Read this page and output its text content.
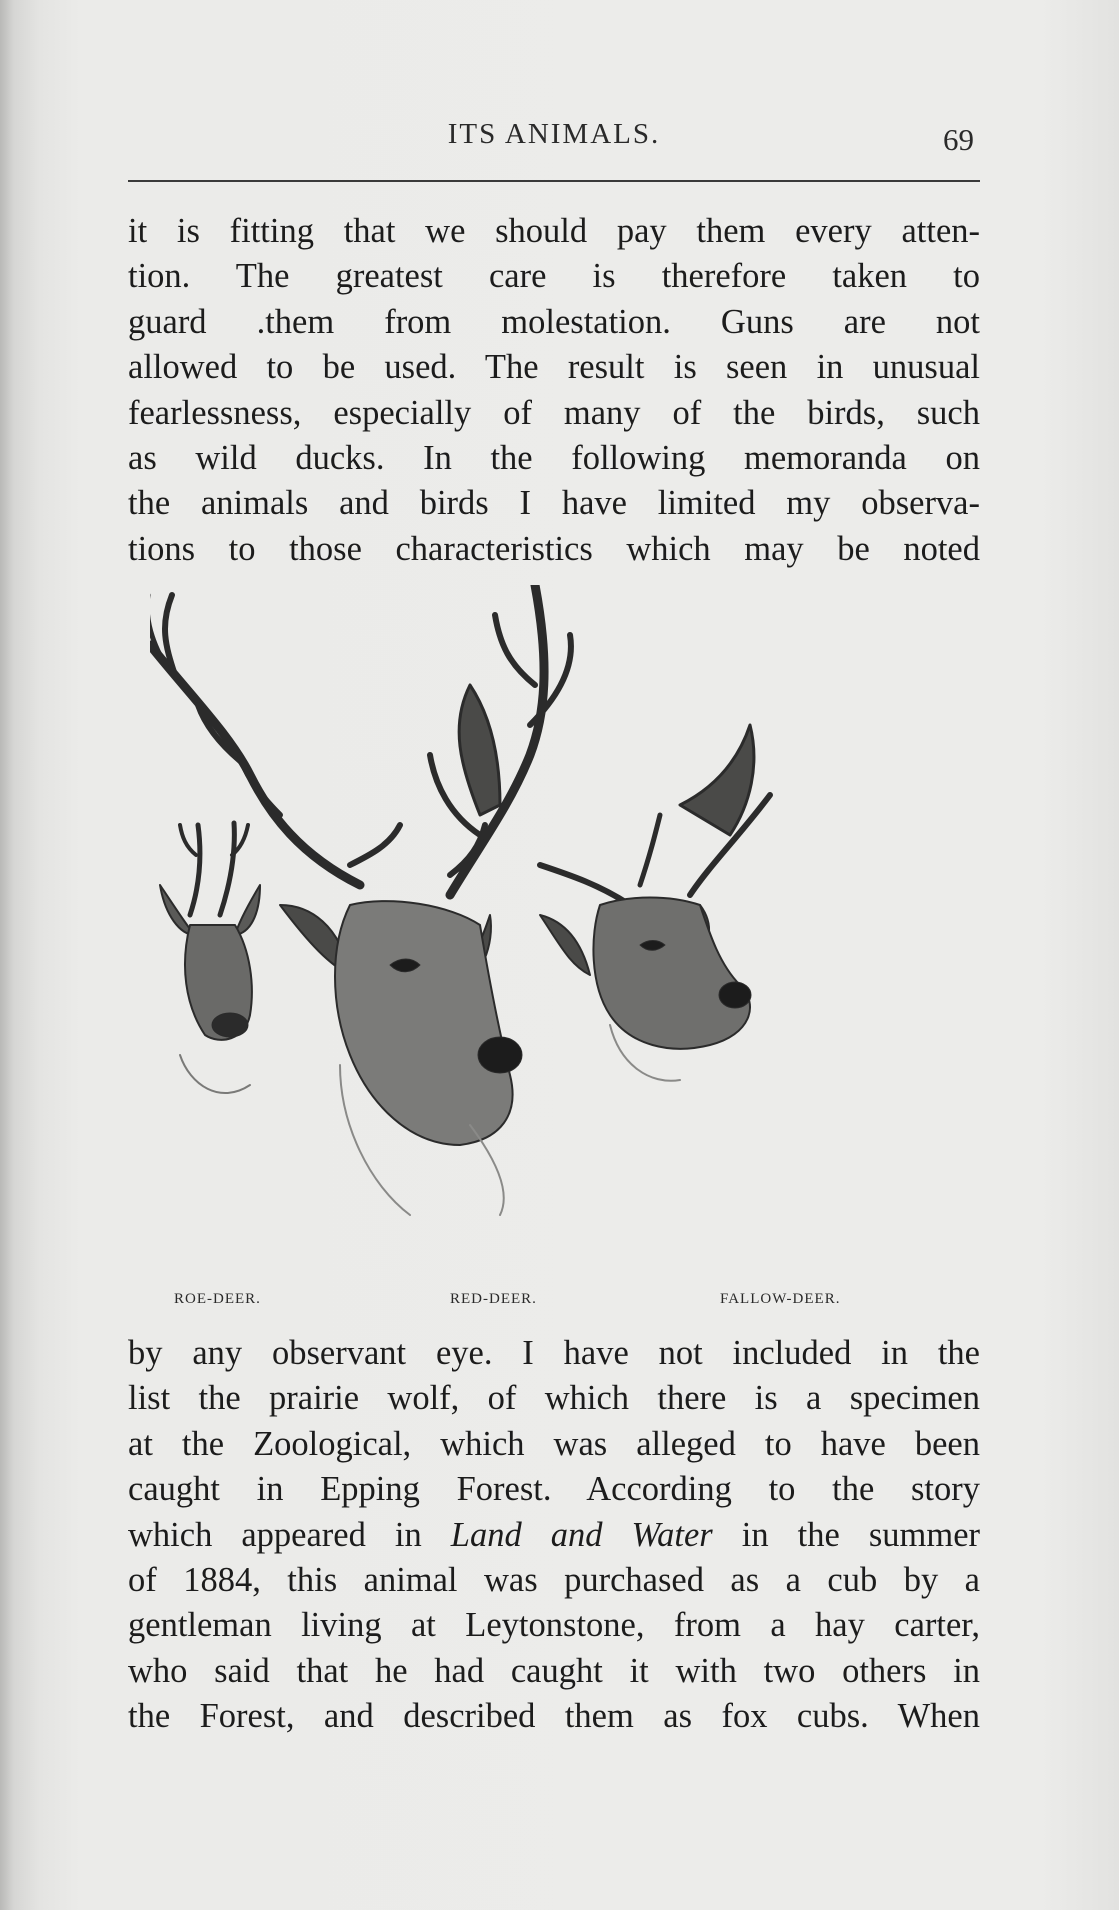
ITS ANIMALS.	69
it is fitting that we should pay them every atten-
tion. The greatest care is therefore taken to
guard .them from molestation. Guns are not
allowed to be used. The result is seen in unusual
fearlessness, especially of many of the birds, such
as wild ducks. In the following memoranda on
the animals and birds I have limited my observa-
tions to those characteristics which may be noted
ROE-DEER.	RED-DEER.	FALLOW-DEER.
by any observant eye. I have not included in the
list the prairie wolf, of which there is a specimen
at the Zoological, which was alleged to have been
caught in Epping Forest. According to the story
which appeared in Land and Water in the summer
of 1884, this animal was purchased as a cub by a
gentleman living at Leytonstone, from a hay carter,
who said that he had caught it with two others in
the Forest, and described them as fox cubs. When
